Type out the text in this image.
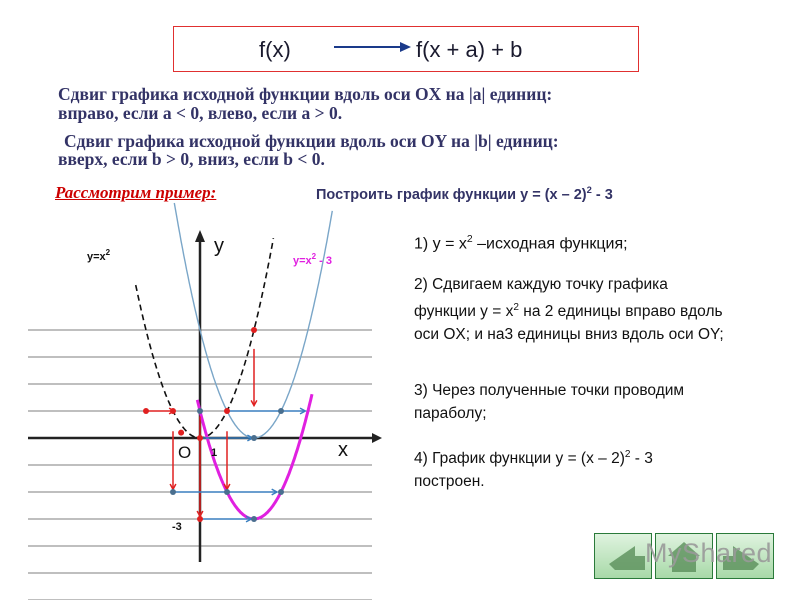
f(x)	f(x + a) + b
Сдвиг графика исходной функции вдоль оси OX на |a| единиц:
вправо, если a < 0, влево, если a > 0.
Сдвиг графика исходной функции вдоль оси OY на |b| единиц:
вверх, если b > 0, вниз, если b < 0.
Рассмотрим пример:	Построить график функции y = (x – 2)$^2$ - 3
y
x
O 1
-3
$y=x^2$
$y=x^2 - 3$
1) $y = x^2$ –исходная функция;
2) Сдвигаем каждую точку графика функции $y = x^2$ на 2 единицы вправо вдоль оси OX; и на3 единицы вниз вдоль оси OY;
3) Через полученные точки проводим параболу;
4) График функции y = (x – 2)$^2$ - 3
построен.
MyShared
